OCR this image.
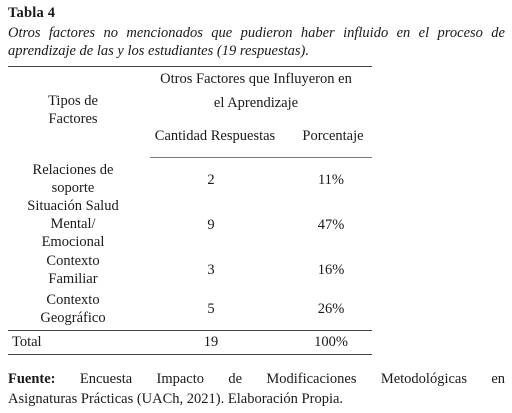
Tabla 4
Otros factores no mencionados que pudieron haber influido en el proceso de
aprendizaje de las y los estudiantes (19 respuestas).
Tipos de
Factores
Otros Factores que Influyeron en
el Aprendizaje
Cantidad Respuestas	Porcentaje
Relaciones de
soporte	2	11%
Situación Salud
Mental/
Emocional
9	47%
Contexto
Familiar
3	16%
Contexto
Geográfico
5	26%
Total	19	100%
Fuente: Encuesta Impacto de Modificaciones Metodológicas en
Asignaturas Prácticas (UACh, 2021). Elaboración Propia.
